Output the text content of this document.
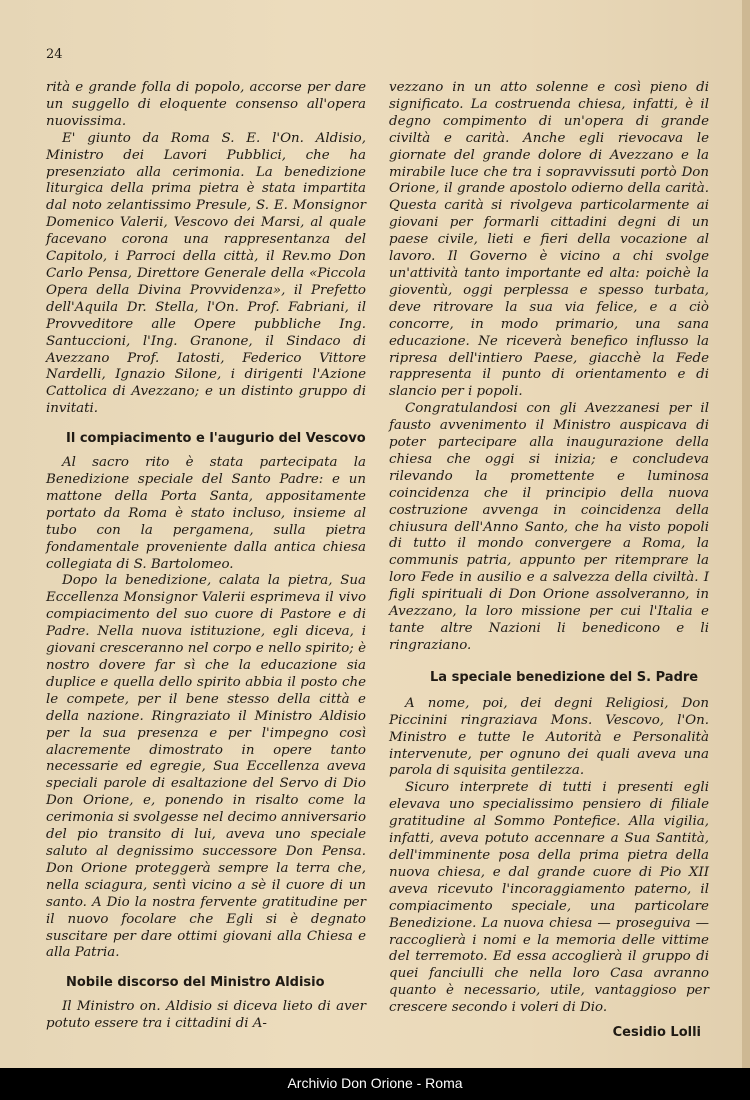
24

rità e grande folla di popolo, accorse per dare un suggello di eloquente consenso all'opera nuovissima.

E' giunto da Roma S. E. l'On. Aldisio, Ministro dei Lavori Pubblici, che ha presenziato alla cerimonia. La benedizione liturgica della prima pietra è stata impartita dal noto zelantissimo Presule, S. E. Monsignor Domenico Valerii, Vescovo dei Marsi, al quale facevano corona una rappresentanza del Capitolo, i Parroci della città, il Rev.mo Don Carlo Pensa, Direttore Generale della «Piccola Opera della Divina Provvidenza», il Prefetto dell'Aquila Dr. Stella, l'On. Prof. Fabriani, il Provveditore alle Opere pubbliche Ing. Santuccioni, l'Ing. Granone, il Sindaco di Avezzano Prof. Iatosti, Federico Vittore Nardelli, Ignazio Silone, i dirigenti l'Azione Cattolica di Avezzano; e un distinto gruppo di invitati.

Il compiacimento e l'augurio del Vescovo

Al sacro rito è stata partecipata la Benedizione speciale del Santo Padre: e un mattone della Porta Santa, appositamente portato da Roma è stato incluso, insieme al tubo con la pergamena, sulla pietra fondamentale proveniente dalla antica chiesa collegiata di S. Bartolomeo.

Dopo la benedizione, calata la pietra, Sua Eccellenza Monsignor Valerii esprimeva il vivo compiacimento del suo cuore di Pastore e di Padre. Nella nuova istituzione, egli diceva, i giovani cresceranno nel corpo e nello spirito; è nostro dovere far sì che la educazione sia duplice e quella dello spirito abbia il posto che le compete, per il bene stesso della città e della nazione. Ringraziato il Ministro Aldisio per la sua presenza e per l'impegno così alacremente dimostrato in opere tanto necessarie ed egregie, Sua Eccellenza aveva speciali parole di esaltazione del Servo di Dio Don Orione, e, ponendo in risalto come la cerimonia si svolgesse nel decimo anniversario del pio transito di lui, aveva uno speciale saluto al degnissimo successore Don Pensa. Don Orione proteggerà sempre la terra che, nella sciagura, sentì vicino a sè il cuore di un santo. A Dio la nostra fervente gratitudine per il nuovo focolare che Egli si è degnato suscitare per dare ottimi giovani alla Chiesa e alla Patria.

Nobile discorso del Ministro Aldisio

Il Ministro on. Aldisio si diceva lieto di aver potuto essere tra i cittadini di A-

vezzano in un atto solenne e così pieno di significato. La costruenda chiesa, infatti, è il degno compimento di un'opera di grande civiltà e carità. Anche egli rievocava le giornate del grande dolore di Avezzano e la mirabile luce che tra i sopravvissuti portò Don Orione, il grande apostolo odierno della carità. Questa carità si rivolgeva particolarmente ai giovani per formarli cittadini degni di un paese civile, lieti e fieri della vocazione al lavoro. Il Governo è vicino a chi svolge un'attività tanto importante ed alta: poichè la gioventù, oggi perplessa e spesso turbata, deve ritrovare la sua via felice, e a ciò concorre, in modo primario, una sana educazione. Ne riceverà benefico influsso la ripresa dell'intiero Paese, giacchè la Fede rappresenta il punto di orientamento e di slancio per i popoli.

Congratulandosi con gli Avezzanesi per il fausto avvenimento il Ministro auspicava di poter partecipare alla inaugurazione della chiesa che oggi si inizia; e concludeva rilevando la promettente e luminosa coincidenza che il principio della nuova costruzione avvenga in coincidenza della chiusura dell'Anno Santo, che ha visto popoli di tutto il mondo convergere a Roma, la communis patria, appunto per ritemprare la loro Fede in ausilio e a salvezza della civiltà. I figli spirituali di Don Orione assolveranno, in Avezzano, la loro missione per cui l'Italia e tante altre Nazioni li benedicono e li ringraziano.

La speciale benedizione del S. Padre

A nome, poi, dei degni Religiosi, Don Piccinini ringraziava Mons. Vescovo, l'On. Ministro e tutte le Autorità e Personalità intervenute, per ognuno dei quali aveva una parola di squisita gentilezza.

Sicuro interprete di tutti i presenti egli elevava uno specialissimo pensiero di filiale gratitudine al Sommo Pontefice. Alla vigilia, infatti, aveva potuto accennare a Sua Santità, dell'imminente posa della prima pietra della nuova chiesa, e dal grande cuore di Pio XII aveva ricevuto l'incoraggiamento paterno, il compiacimento speciale, una particolare Benedizione. La nuova chiesa — proseguiva — raccoglierà i nomi e la memoria delle vittime del terremoto. Ed essa accoglierà il gruppo di quei fanciulli che nella loro Casa avranno quanto è necessario, utile, vantaggioso per crescere secondo i voleri di Dio.

Cesidio Lolli

Archivio Don Orione - Roma
